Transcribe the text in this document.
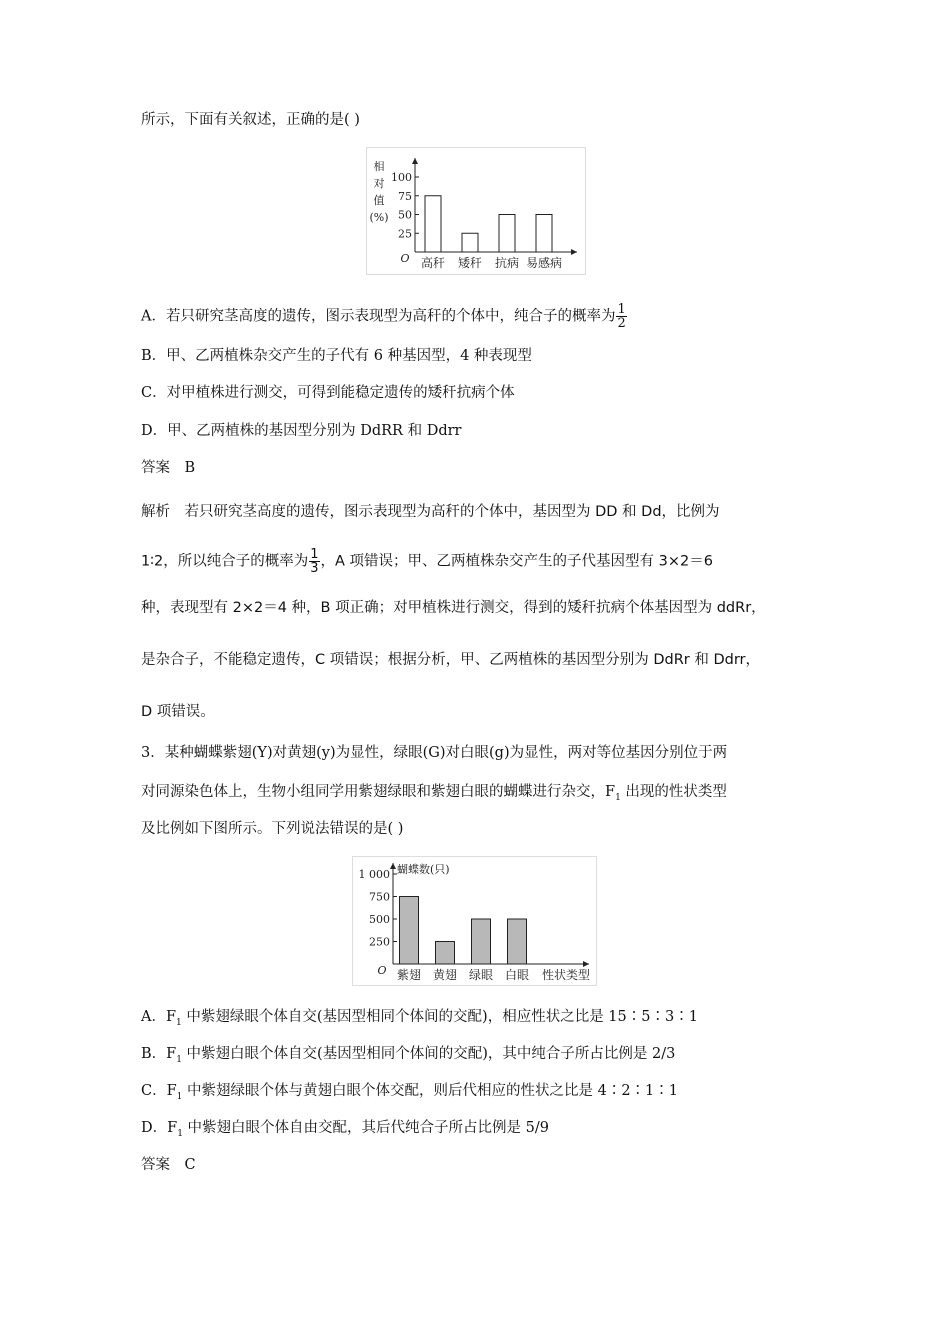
所示，下面有关叙述，正确的是( )
25
50
75
100
高秆 矮秆 抗病 易感病
相
对
值
(%)
O
A．若只研究茎高度的遗传，图示表现型为高秆的个体中，纯合子的概率为 $\frac{1}{2}$
B．甲、乙两植株杂交产生的子代有 6 种基因型，4 种表现型
C．对甲植株进行测交，可得到能稳定遗传的矮秆抗病个体
D．甲、乙两植株的基因型分别为 DdRR 和 Ddrr
答案　B
解析　若只研究茎高度的遗传，图示表现型为高秆的个体中，基因型为 DD 和 Dd，比例为
1∶2，所以纯合子的概率为 $\frac{1}{3}$ ，A 项错误；甲、乙两植株杂交产生的子代基因型有 3×2＝6
种，表现型有 2×2＝4 种，B 项正确；对甲植株进行测交，得到的矮秆抗病个体基因型为 ddRr，
是杂合子，不能稳定遗传，C 项错误；根据分析，甲、乙两植株的基因型分别为 DdRr 和 Ddrr，
D 项错误。
3．某种蝴蝶紫翅(Y)对黄翅(y)为显性，绿眼(G)对白眼(g)为显性，两对等位基因分别位于两
对同源染色体上，生物小组同学用紫翅绿眼和紫翅白眼的蝴蝶进行杂交，$F_1$ 出现的性状类型
及比例如下图所示。下列说法错误的是( )
250
500
750
1 000
紫翅 黄翅 绿眼 白眼
蝴蝶数(只)
O	性状类型
A．$F_1$ 中紫翅绿眼个体自交(基因型相同个体间的交配)，相应性状之比是 15∶5∶3∶1
B．$F_1$ 中紫翅白眼个体自交(基因型相同个体间的交配)，其中纯合子所占比例是 2/3
C．$F_1$ 中紫翅绿眼个体与黄翅白眼个体交配，则后代相应的性状之比是 4∶2∶1∶1
D．$F_1$ 中紫翅白眼个体自由交配，其后代纯合子所占比例是 5/9
答案　C
